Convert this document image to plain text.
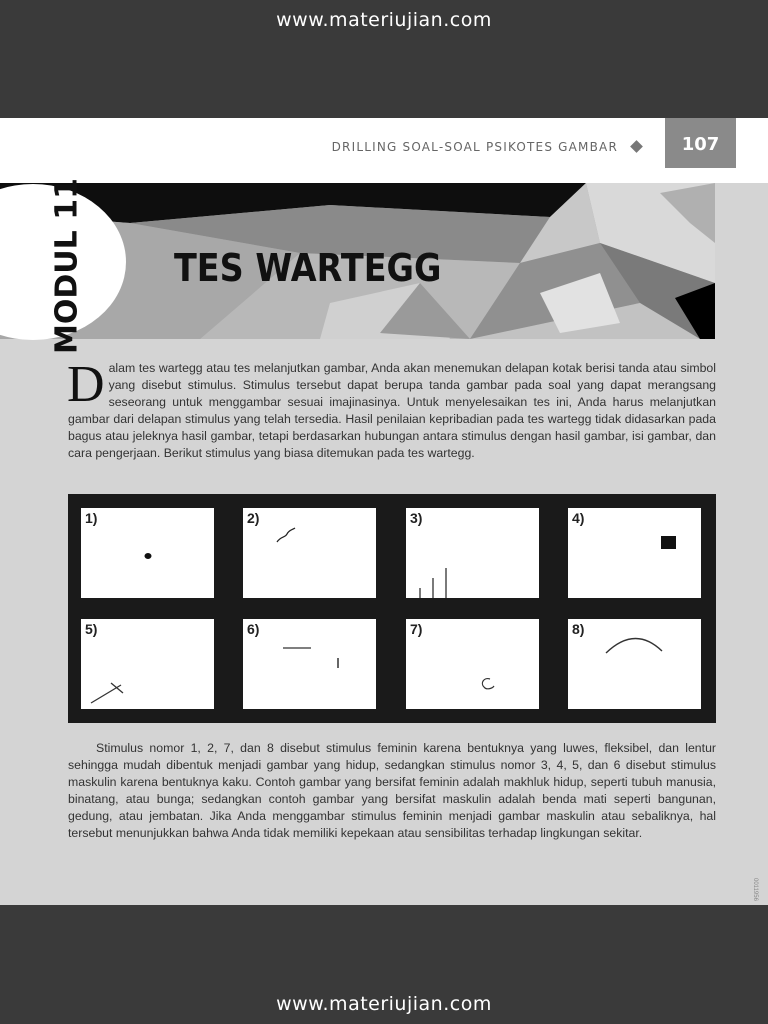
www.materiujian.com
DRILLING SOAL-SOAL PSIKOTES GAMBAR	107
MODUL 11 TES WARTEGG
Dalam tes wartegg atau tes melanjutkan gambar, Anda akan menemukan delapan kotak berisi tanda atau simbol yang disebut stimulus. Stimulus tersebut dapat berupa tanda gambar pada soal yang dapat merangsang seseorang untuk menggambar sesuai imajinasinya. Untuk menyelesaikan tes ini, Anda harus melanjutkan gambar dari delapan stimulus yang telah tersedia. Hasil penilaian kepribadian pada tes wartegg tidak didasarkan pada bagus atau jeleknya hasil gambar, tetapi berdasarkan hubungan antara stimulus dengan hasil gambar, isi gambar, dan cara pengerjaan. Berikut stimulus yang biasa ditemukan pada tes wartegg.
1)	2)	3)	4)
5)	6)	7)	8)
Stimulus nomor 1, 2, 7, dan 8 disebut stimulus feminin karena bentuknya yang luwes, fleksibel, dan lentur sehingga mudah dibentuk menjadi gambar yang hidup, sedangkan stimulus nomor 3, 4, 5, dan 6 disebut stimulus maskulin karena bentuknya kaku. Contoh gambar yang bersifat feminin adalah makhluk hidup, seperti tubuh manusia, binatang, atau bunga; sedangkan contoh gambar yang bersifat maskulin adalah benda mati seperti bangunan, gedung, atau jembatan. Jika Anda menggambar stimulus feminin menjadi gambar maskulin atau sebaliknya, hal tersebut menunjukkan bahwa Anda tidak memiliki kepekaan atau sensibilitas terhadap lingkungan sekitar.
0011956
www.materiujian.com
